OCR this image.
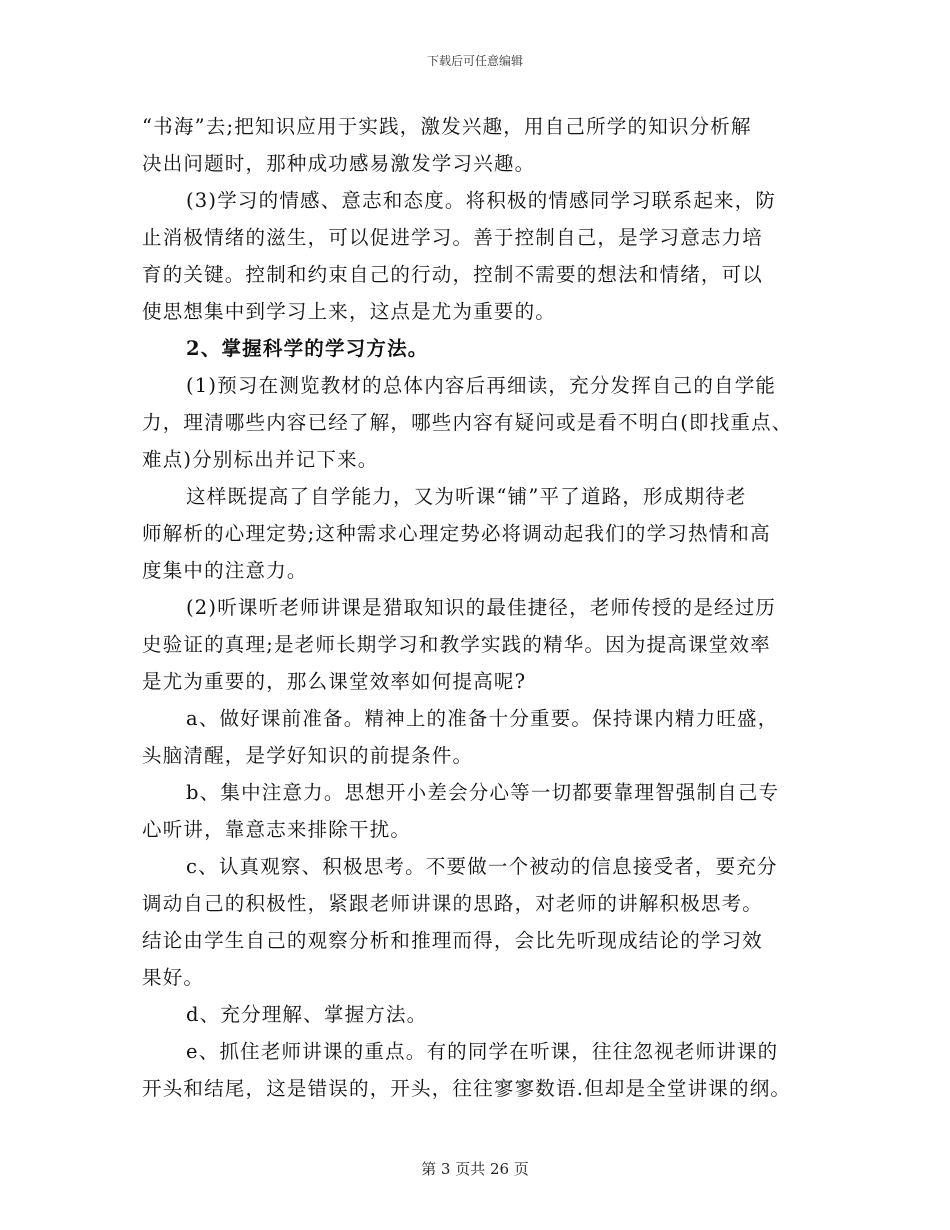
下载后可任意编辑
“书海”去;把知识应用于实践，激发兴趣，用自己所学的知识分析解
决出问题时，那种成功感易激发学习兴趣。
(3)学习的情感、意志和态度。将积极的情感同学习联系起来，防
止消极情绪的滋生，可以促进学习。善于控制自己，是学习意志力培
育的关键。控制和约束自己的行动，控制不需要的想法和情绪，可以
使思想集中到学习上来，这点是尤为重要的。
2、掌握科学的学习方法。
(1)预习在测览教材的总体内容后再细读，充分发挥自己的自学能
力，理清哪些内容已经了解，哪些内容有疑问或是看不明白(即找重点、
难点)分别标出并记下来。
这样既提高了自学能力，又为听课“铺”平了道路，形成期待老
师解析的心理定势;这种需求心理定势必将调动起我们的学习热情和高
度集中的注意力。
(2)听课听老师讲课是猎取知识的最佳捷径，老师传授的是经过历
史验证的真理;是老师长期学习和教学实践的精华。因为提高课堂效率
是尤为重要的，那么课堂效率如何提高呢?
a、做好课前准备。精神上的准备十分重要。保持课内精力旺盛，
头脑清醒，是学好知识的前提条件。
b、集中注意力。思想开小差会分心等一切都要靠理智强制自己专
心听讲，靠意志来排除干扰。
c、认真观察、积极思考。不要做一个被动的信息接受者，要充分
调动自己的积极性，紧跟老师讲课的思路，对老师的讲解积极思考。
结论由学生自己的观察分析和推理而得，会比先听现成结论的学习效
果好。
d、充分理解、掌握方法。
e、抓住老师讲课的重点。有的同学在听课，往往忽视老师讲课的
开头和结尾，这是错误的，开头，往往寥寥数语.但却是全堂讲课的纲。
第 3 页共 26 页
